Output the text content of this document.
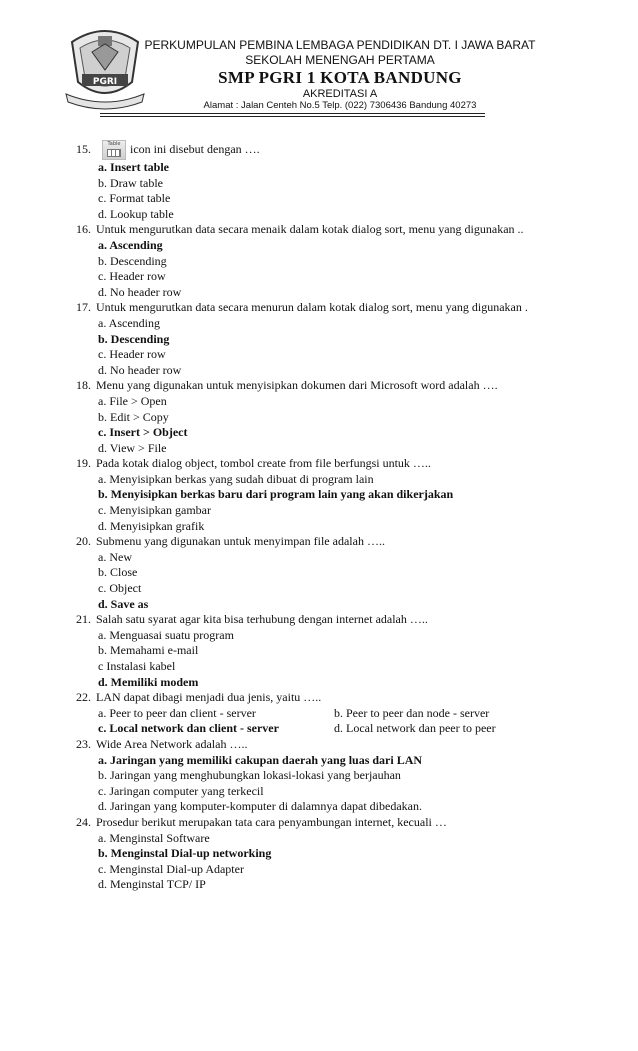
PGRI
PERKUMPULAN PEMBINA LEMBAGA PENDIDIKAN DT. I JAWA BARAT
SEKOLAH MENENGAH PERTAMA
SMP PGRI 1 KOTA BANDUNG
AKREDITASI A
Alamat : Jalan Centeh No.5 Telp. (022) 7306436 Bandung 40273
15.	Table icon ini disebut dengan ….
a. Insert table
b. Draw table
c. Format table
d. Lookup table
16. Untuk mengurutkan data secara menaik dalam kotak dialog sort, menu yang digunakan ..
a. Ascending
b. Descending
c. Header row
d. No header row
17. Untuk mengurutkan data secara menurun dalam kotak dialog sort, menu yang digunakan .
a. Ascending
b. Descending
c. Header row
d. No header row
18. Menu yang digunakan untuk menyisipkan dokumen dari Microsoft word adalah ….
a. File > Open
b. Edit > Copy
c. Insert > Object
d. View > File
19. Pada kotak dialog object, tombol create from file berfungsi untuk …..
a. Menyisipkan berkas yang sudah dibuat di program lain
b. Menyisipkan berkas baru dari program lain yang akan dikerjakan
c. Menyisipkan gambar
d. Menyisipkan grafik
20. Submenu yang digunakan untuk menyimpan file adalah …..
a. New
b. Close
c. Object
d. Save as
21. Salah satu syarat agar kita bisa terhubung dengan internet adalah …..
a. Menguasai suatu program
b. Memahami e-mail
c Instalasi kabel
d. Memiliki modem
22. LAN dapat dibagi menjadi dua jenis, yaitu …..
a. Peer to peer dan client - server	b. Peer to peer dan node - server
c. Local network dan client - server	d. Local network dan peer to peer
23. Wide Area Network adalah …..
a. Jaringan yang memiliki cakupan daerah yang luas dari LAN
b. Jaringan yang menghubungkan lokasi-lokasi yang berjauhan
c. Jaringan computer yang terkecil
d. Jaringan yang komputer-komputer di dalamnya dapat dibedakan.
24. Prosedur berikut merupakan tata cara penyambungan internet, kecuali …
a. Menginstal Software
b. Menginstal Dial-up networking
c. Menginstal Dial-up Adapter
d. Menginstal TCP/ IP
